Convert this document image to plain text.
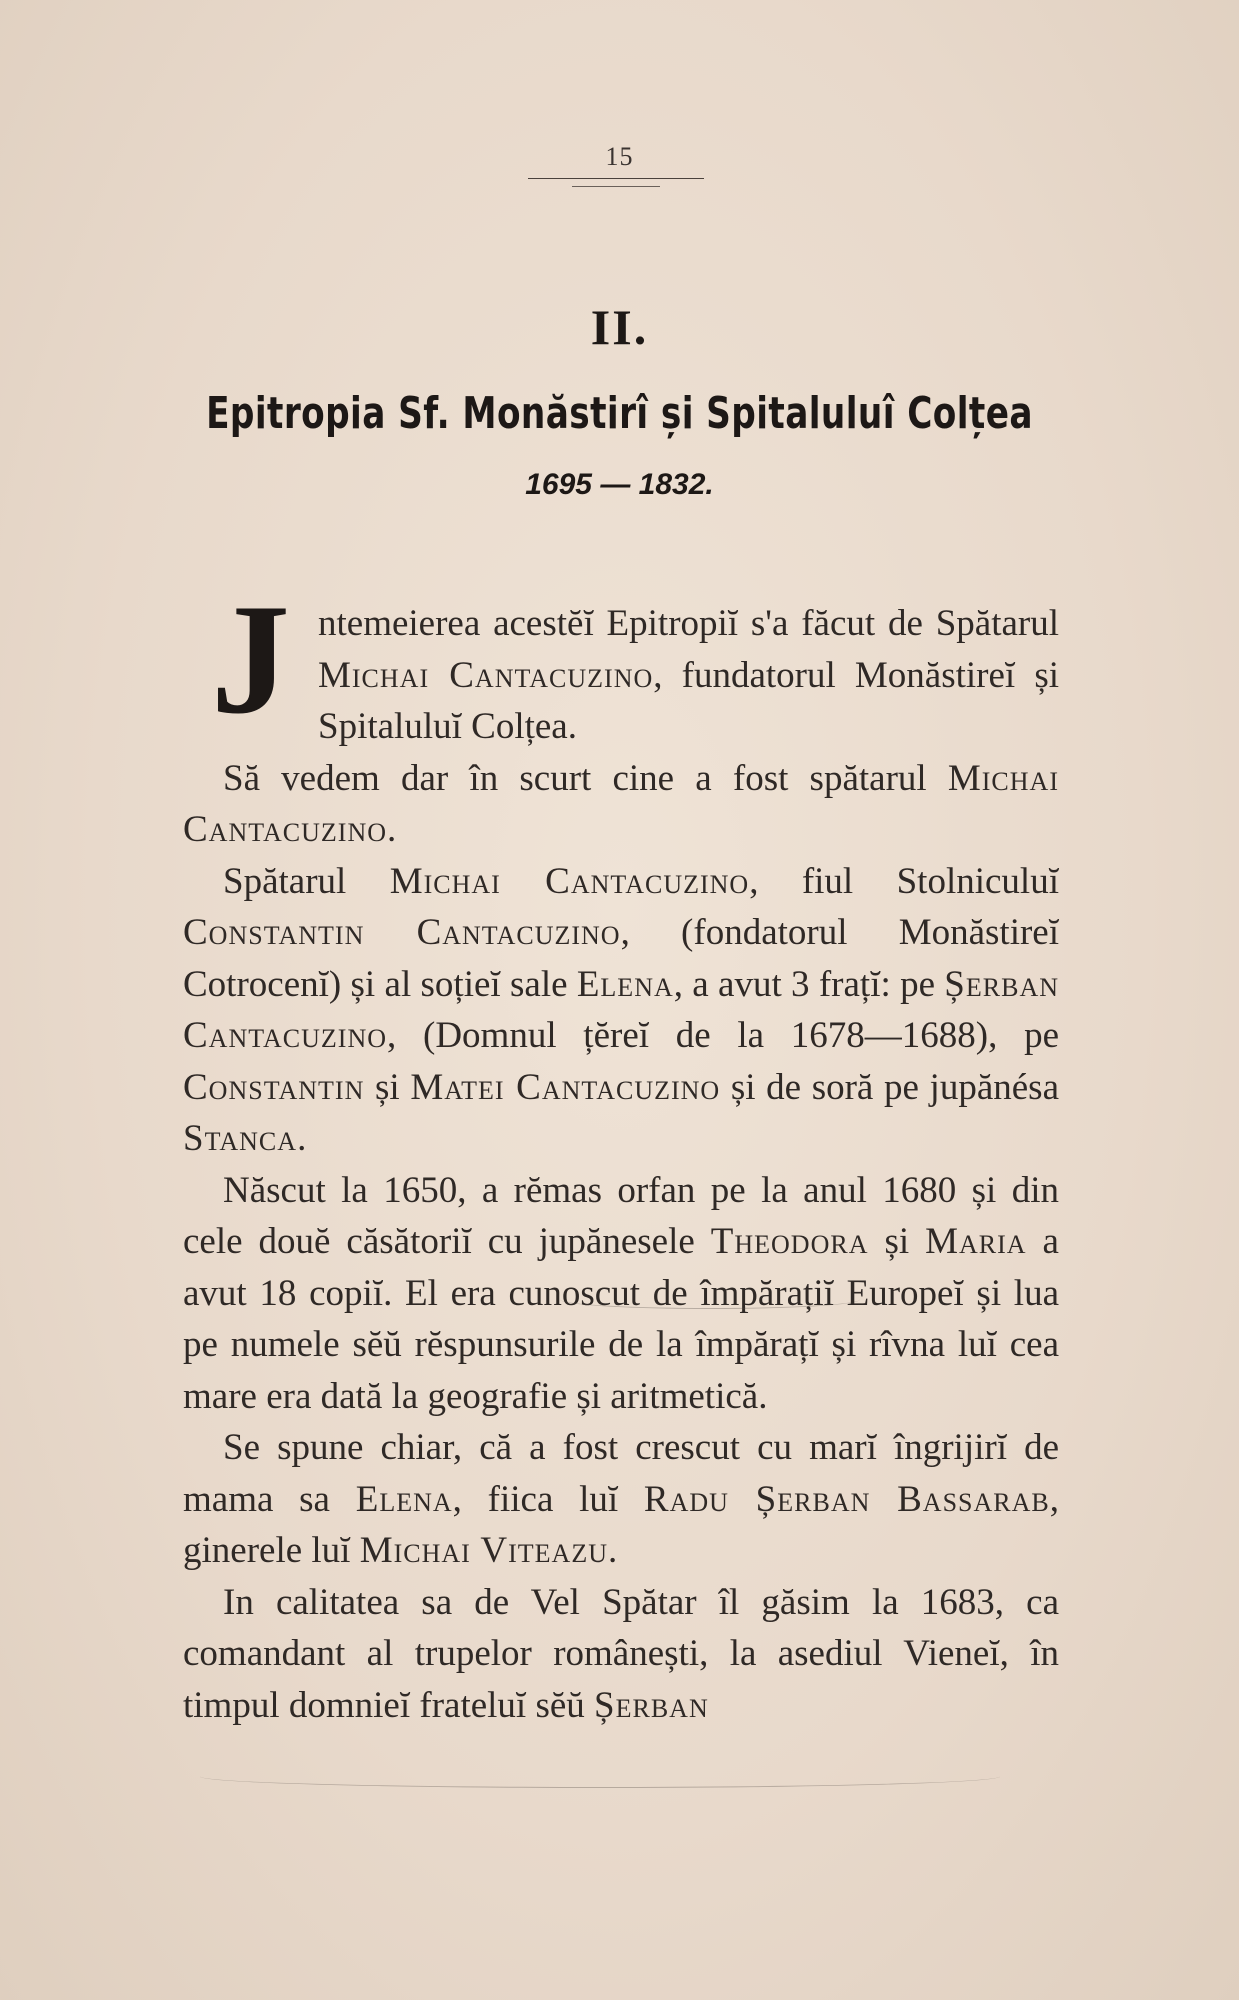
15
II.
Epitropia Sf. Monăstirî și Spitaluluî Colțea
1695 — 1832.

Jntemeierea acestĕĭ Epitropiĭ s'a făcut de Spătarul Michai Cantacuzino, fundatorul Monăstireĭ și Spitaluluĭ Colțea.

Să vedem dar în scurt cine a fost spătarul Michai Cantacuzino.

Spătarul Michai Cantacuzino, fiul Stolniculuĭ Constantin Cantacuzino, (fondatorul Monăstireĭ Cotrocenĭ) și al soțieĭ sale Elena, a avut 3 frațĭ: pe Șerban Cantacuzino, (Domnul țĕreĭ de la 1678—1688), pe Constantin și Matei Cantacuzino și de soră pe jupănésa Stanca.

Născut la 1650, a rĕmas orfan pe la anul 1680 și din cele douĕ căsătoriĭ cu jupănesele Theodora și Maria a avut 18 copiĭ. El era cunoscut de împărațiĭ Europeĭ și lua pe numele sĕŭ rĕspunsurile de la împărațĭ și rîvna luĭ cea mare era dată la geografie și aritmetică.

Se spune chiar, că a fost crescut cu marĭ îngrijirĭ de mama sa Elena, fiica luĭ Radu Șerban Bassarab, ginerele luĭ Michai Viteazu.

In calitatea sa de Vel Spătar îl găsim la 1683, ca comandant al trupelor românești, la asediul Vieneĭ, în timpul domnieĭ frateluĭ sĕŭ Șerban
